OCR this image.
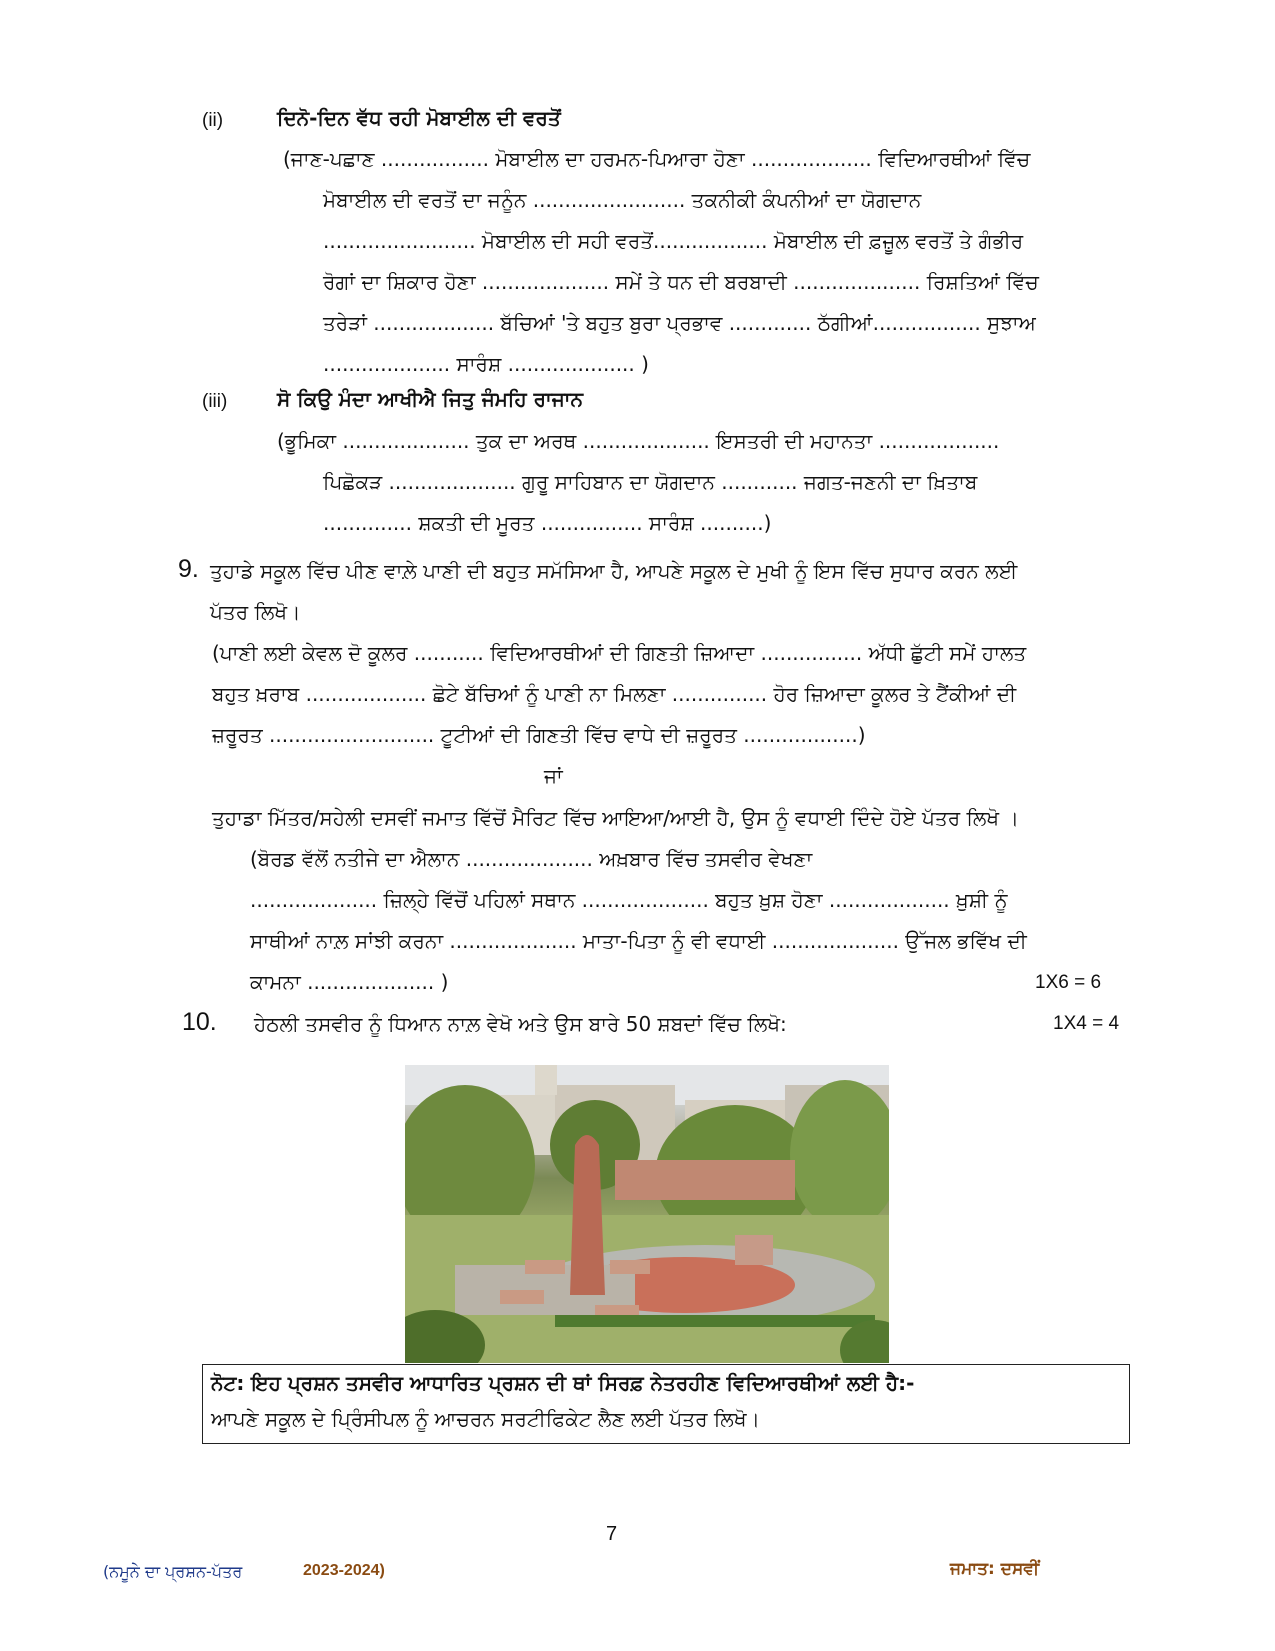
(ii)	ਦਿਨੋ-ਦਿਨ ਵੱਧ ਰਹੀ ਮੋਬਾਈਲ ਦੀ ਵਰਤੋਂ
(ਜਾਣ-ਪਛਾਣ ................. ਮੋਬਾਈਲ ਦਾ ਹਰਮਨ-ਪਿਆਰਾ ਹੋਣਾ ................... ਵਿਦਿਆਰਥੀਆਂ ਵਿੱਚ
ਮੋਬਾਈਲ ਦੀ ਵਰਤੋਂ ਦਾ ਜਨੂੰਨ ........................ ਤਕਨੀਕੀ ਕੰਪਨੀਆਂ ਦਾ ਯੋਗਦਾਨ
........................ ਮੋਬਾਈਲ ਦੀ ਸਹੀ ਵਰਤੋਂ.................. ਮੋਬਾਈਲ ਦੀ ਫ਼ਜ਼ੂਲ ਵਰਤੋਂ ਤੇ ਗੰਭੀਰ
ਰੋਗਾਂ ਦਾ ਸ਼ਿਕਾਰ ਹੋਣਾ .................... ਸਮੇਂ ਤੇ ਧਨ ਦੀ ਬਰਬਾਦੀ .................... ਰਿਸ਼ਤਿਆਂ ਵਿੱਚ
ਤਰੇੜਾਂ ................... ਬੱਚਿਆਂ 'ਤੇ ਬਹੁਤ ਬੁਰਾ ਪ੍ਰਭਾਵ ............. ਠੱਗੀਆਂ................. ਸੁਝਾਅ
.................... ਸਾਰੰਸ਼ .................... )
(iii) ਸੋ ਕਿਉ ਮੰਦਾ ਆਖੀਐ ਜਿਤੁ ਜੰਮਹਿ ਰਾਜਾਨ
(ਭੂਮਿਕਾ .................... ਤੁਕ ਦਾ ਅਰਥ .................... ਇਸਤਰੀ ਦੀ ਮਹਾਨਤਾ ...................
ਪਿਛੋਕੜ .................... ਗੁਰੂ ਸਾਹਿਬਾਨ ਦਾ ਯੋਗਦਾਨ ............ ਜਗਤ-ਜਣਨੀ ਦਾ ਖ਼ਿਤਾਬ
.............. ਸ਼ਕਤੀ ਦੀ ਮੂਰਤ ................ ਸਾਰੰਸ਼ ..........)
9. ਤੁਹਾਡੇ ਸਕੂਲ ਵਿੱਚ ਪੀਣ ਵਾਲ਼ੇ ਪਾਣੀ ਦੀ ਬਹੁਤ ਸਮੱਸਿਆ ਹੈ, ਆਪਣੇ ਸਕੂਲ ਦੇ ਮੁਖੀ ਨੂੰ ਇਸ ਵਿੱਚ ਸੁਧਾਰ ਕਰਨ ਲਈ
ਪੱਤਰ ਲਿਖੋ।
(ਪਾਣੀ ਲਈ ਕੇਵਲ ਦੋ ਕੂਲਰ ........... ਵਿਦਿਆਰਥੀਆਂ ਦੀ ਗਿਣਤੀ ਜ਼ਿਆਦਾ ................ ਅੱਧੀ ਛੁੱਟੀ ਸਮੇਂ ਹਾਲਤ
ਬਹੁਤ ਖ਼ਰਾਬ ................... ਛੋਟੇ ਬੱਚਿਆਂ ਨੂੰ ਪਾਣੀ ਨਾ ਮਿਲਣਾ ............... ਹੋਰ ਜ਼ਿਆਦਾ ਕੂਲਰ ਤੇ ਟੈਂਕੀਆਂ ਦੀ
ਜ਼ਰੂਰਤ .......................... ਟੂਟੀਆਂ ਦੀ ਗਿਣਤੀ ਵਿੱਚ ਵਾਧੇ ਦੀ ਜ਼ਰੂਰਤ ..................)
ਜਾਂ
ਤੁਹਾਡਾ ਮਿੱਤਰ/ਸਹੇਲੀ ਦਸਵੀਂ ਜਮਾਤ ਵਿੱਚੋਂ ਮੈਰਿਟ ਵਿੱਚ ਆਇਆ/ਆਈ ਹੈ, ਉਸ ਨੂੰ ਵਧਾਈ ਦਿੰਦੇ ਹੋਏ ਪੱਤਰ ਲਿਖੋ ।
(ਬੋਰਡ ਵੱਲੋਂ ਨਤੀਜੇ ਦਾ ਐਲਾਨ .................... ਅਖ਼ਬਾਰ ਵਿੱਚ ਤਸਵੀਰ ਵੇਖਣਾ
.................... ਜ਼ਿਲ੍ਹੇ ਵਿੱਚੋਂ ਪਹਿਲਾਂ ਸਥਾਨ .................... ਬਹੁਤ ਖ਼ੁਸ਼ ਹੋਣਾ ................... ਖ਼ੁਸ਼ੀ ਨੂੰ
ਸਾਥੀਆਂ ਨਾਲ਼ ਸਾਂਝੀ ਕਰਨਾ .................... ਮਾਤਾ-ਪਿਤਾ ਨੂੰ ਵੀ ਵਧਾਈ .................... ਉੱਜਲ ਭਵਿੱਖ ਦੀ
ਕਾਮਨਾ .................... )	1X6 = 6
10. ਹੇਠਲੀ ਤਸਵੀਰ ਨੂੰ ਧਿਆਨ ਨਾਲ਼ ਵੇਖੋ ਅਤੇ ਉਸ ਬਾਰੇ 50 ਸ਼ਬਦਾਂ ਵਿੱਚ ਲਿਖੋ:	1X4 = 4
ਨੋਟ: ਇਹ ਪ੍ਰਸ਼ਨ ਤਸਵੀਰ ਆਧਾਰਿਤ ਪ੍ਰਸ਼ਨ ਦੀ ਥਾਂ ਸਿਰਫ਼ ਨੇਤਰਹੀਣ ਵਿਦਿਆਰਥੀਆਂ ਲਈ ਹੈ:-
ਆਪਣੇ ਸਕੂਲ ਦੇ ਪ੍ਰਿੰਸੀਪਲ ਨੂੰ ਆਚਰਨ ਸਰਟੀਫਿਕੇਟ ਲੈਣ ਲਈ ਪੱਤਰ ਲਿਖੋ।
7
(ਨਮੂਨੇ ਦਾ ਪ੍ਰਸ਼ਨ-ਪੱਤਰ	2023-2024)	ਜਮਾਤ: ਦਸਵੀਂ
